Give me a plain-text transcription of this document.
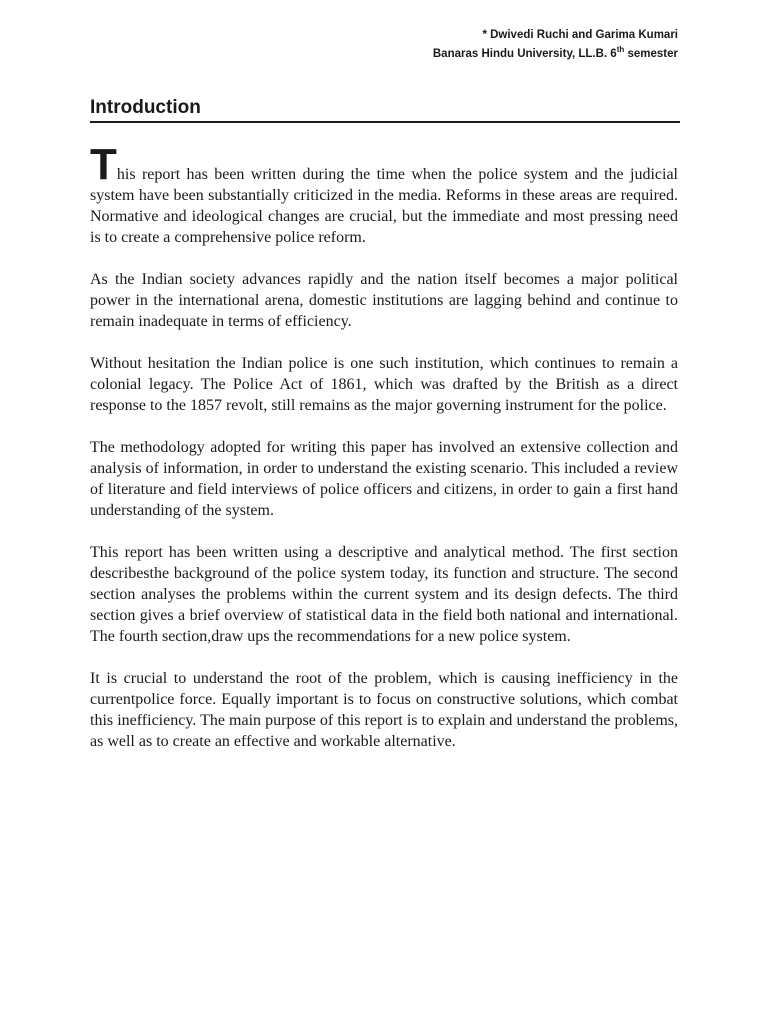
* Dwivedi Ruchi and Garima Kumari
Banaras Hindu University, LL.B. 6th semester
Introduction

This report has been written during the time when the police system and the judicial system have been substantially criticized in the media. Reforms in these areas are required. Normative and ideological changes are crucial, but the immediate and most pressing need is to create a comprehensive police reform.

As the Indian society advances rapidly and the nation itself becomes a major political power in the international arena, domestic institutions are lagging behind and continue to remain inadequate in terms of efficiency.

Without hesitation the Indian police is one such institution, which continues to remain a colonial legacy. The Police Act of 1861, which was drafted by the British as a direct response to the 1857 revolt, still remains as the major governing instrument for the police.

The methodology adopted for writing this paper has involved an extensive collection and analysis of information, in order to understand the existing scenario. This included a review of literature and field interviews of police officers and citizens, in order to gain a first hand understanding of the system.

This report has been written using a descriptive and analytical method. The first section describesthe background of the police system today, its function and structure. The second section analyses the problems within the current system and its design defects. The third section gives a brief overview of statistical data in the field both national and international. The fourth section,draw ups the recommendations for a new police system.

It is crucial to understand the root of the problem, which is causing inefficiency in the currentpolice force. Equally important is to focus on constructive solutions, which combat this inefficiency. The main purpose of this report is to explain and understand the problems, as well as to create an effective and workable alternative.
